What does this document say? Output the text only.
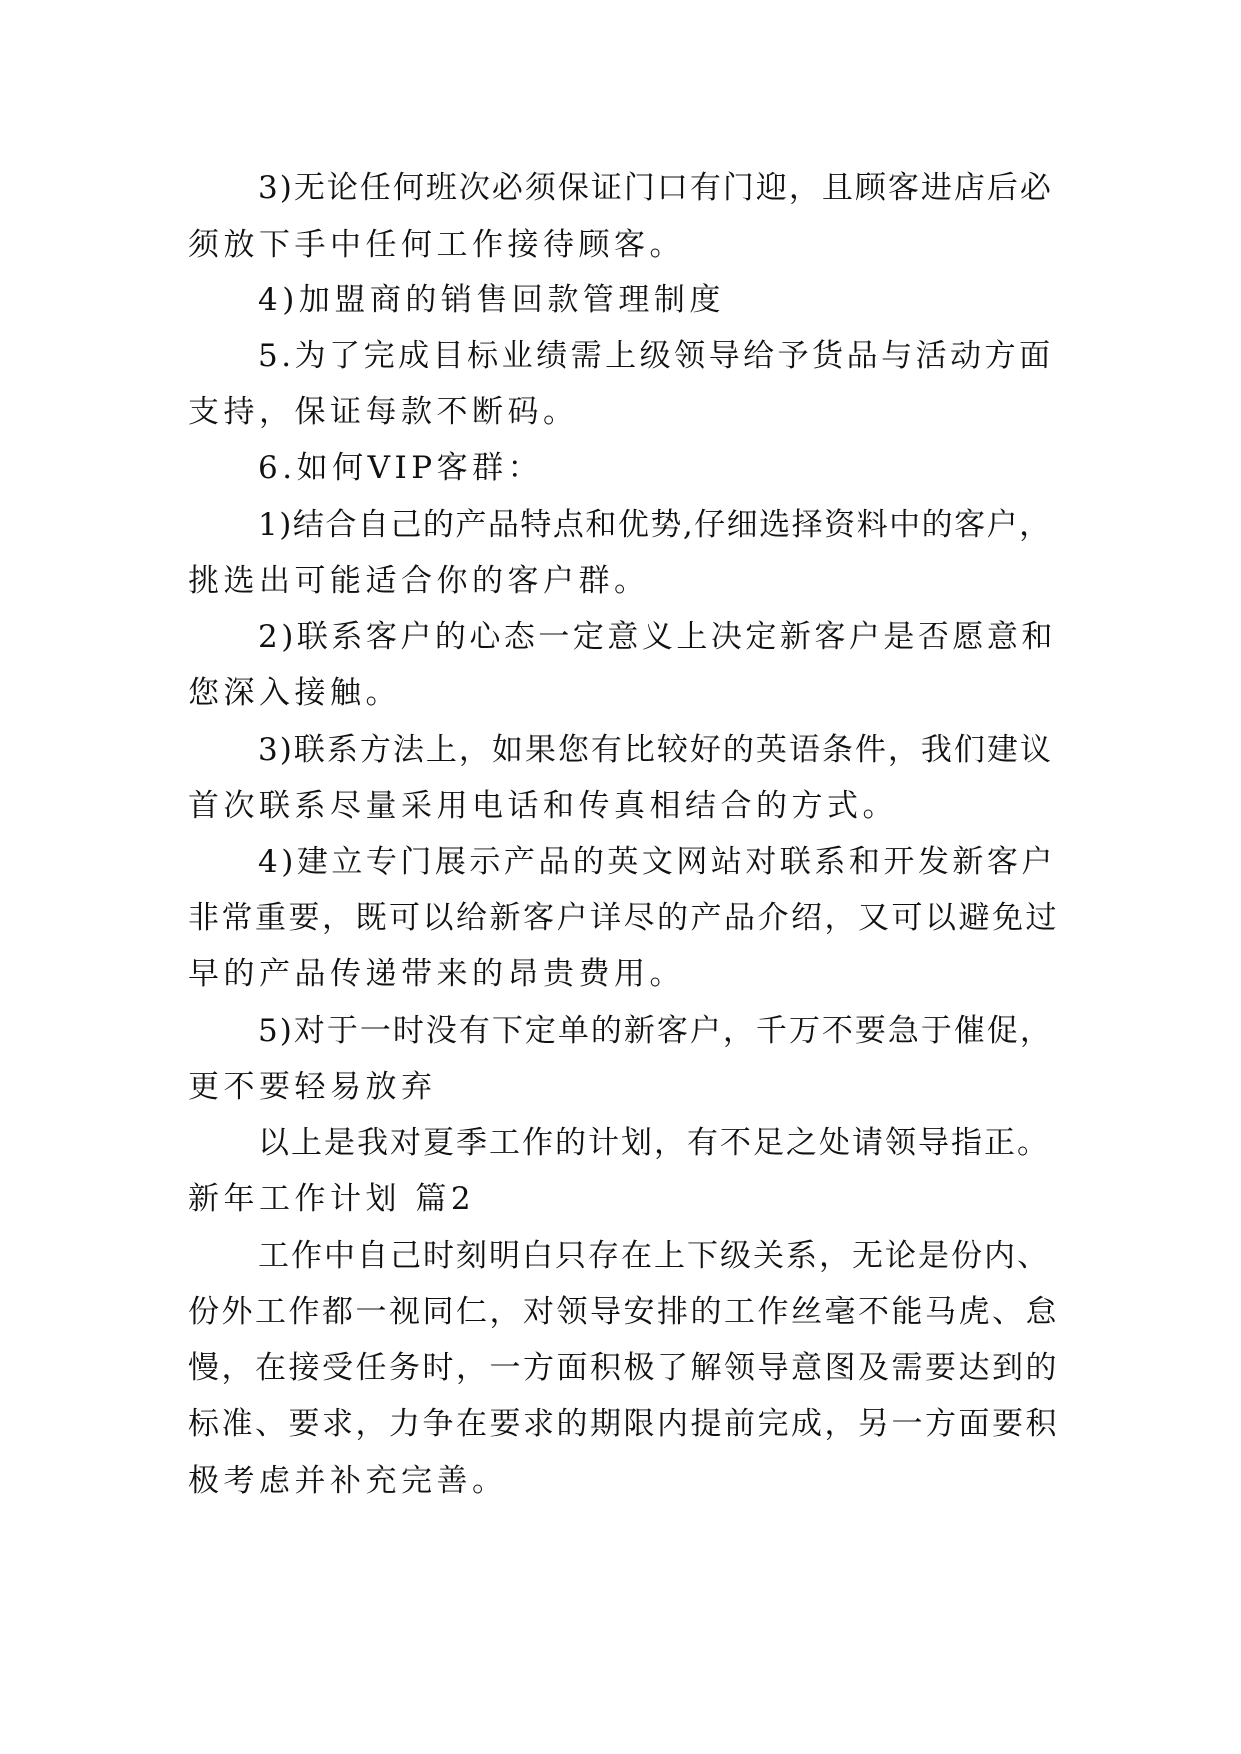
3)无论任何班次必须保证门口有门迎，且顾客进店后必
须放下手中任何工作接待顾客。
4)加盟商的销售回款管理制度
5.为了完成目标业绩需上级领导给予货品与活动方面
支持，保证每款不断码。
6.如何VIP客群：
1)结合自己的产品特点和优势,仔细选择资料中的客户，
挑选出可能适合你的客户群。
2)联系客户的心态一定意义上决定新客户是否愿意和
您深入接触。
3)联系方法上，如果您有比较好的英语条件，我们建议
首次联系尽量采用电话和传真相结合的方式。
4)建立专门展示产品的英文网站对联系和开发新客户
非常重要，既可以给新客户详尽的产品介绍，又可以避免过
早的产品传递带来的昂贵费用。
5)对于一时没有下定单的新客户，千万不要急于催促，
更不要轻易放弃
以上是我对夏季工作的计划，有不足之处请领导指正。
新年工作计划 篇2
工作中自己时刻明白只存在上下级关系，无论是份内、
份外工作都一视同仁，对领导安排的工作丝毫不能马虎、怠
慢，在接受任务时，一方面积极了解领导意图及需要达到的
标准、要求，力争在要求的期限内提前完成，另一方面要积
极考虑并补充完善。
